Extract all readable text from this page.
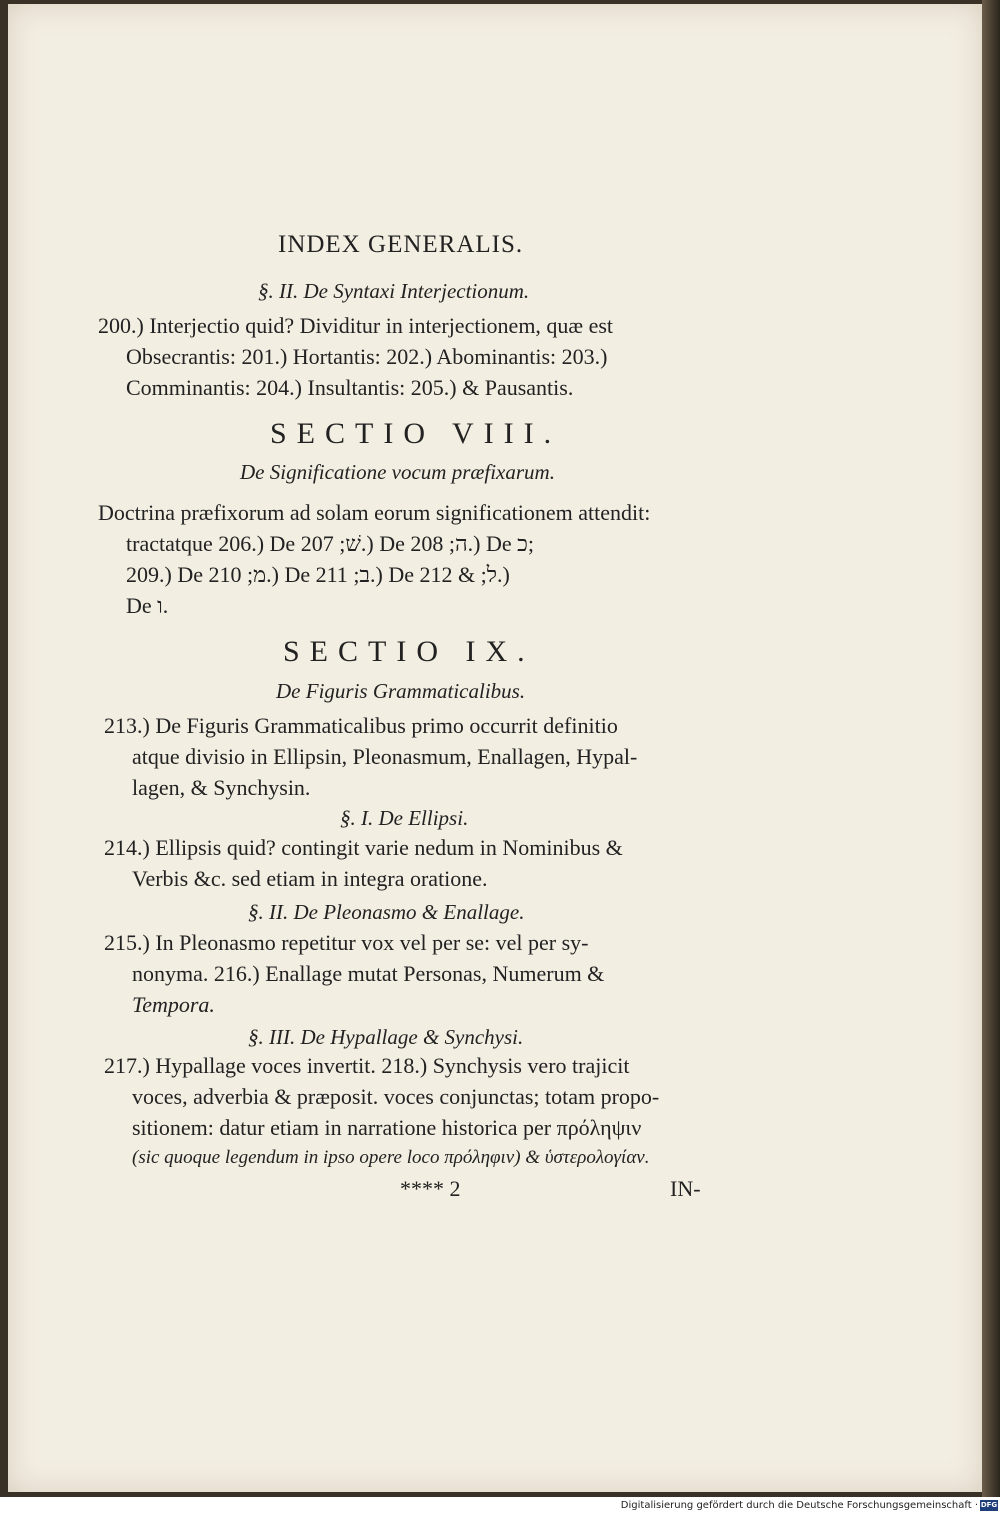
INDEX GENERALIS.
§. II. De Syntaxi Interjectionum.
200.) Interjectio quid? Dividitur in interjectionem, quæ est
Obsecrantis: 201.) Hortantis: 202.) Abominantis: 203.)
Comminantis: 204.) Insultantis: 205.) & Pausantis.
SECTIO VIII.
De Significatione vocum præfixarum.
Doctrina præfixorum ad solam eorum significationem attendit:
tractatque 206.) De שׁ; 207.) De ה; 208.) De כ;
209.) De מ; 210.) De ב; 211.) De ל; & 212.)
De ו.
SECTIO IX.
De Figuris Grammaticalibus.
213.) De Figuris Grammaticalibus primo occurrit definitio
atque divisio in Ellipsin, Pleonasmum, Enallagen, Hypal-
lagen, & Synchysin.
§. I. De Ellipsi.
214.) Ellipsis quid? contingit varie nedum in Nominibus &
Verbis &c. sed etiam in integra oratione.
§. II. De Pleonasmo & Enallage.
215.) In Pleonasmo repetitur vox vel per se: vel per sy-
nonyma. 216.) Enallage mutat Personas, Numerum &
Tempora.
§. III. De Hypallage & Synchysi.
217.) Hypallage voces invertit. 218.) Synchysis vero trajicit
voces, adverbia & præposit. voces conjunctas; totam propo-
sitionem: datur etiam in narratione historica per πρόληψιν
(sic quoque legendum in ipso opere loco πρόληφιν) & ὑστερολογίαν.
**** 2	IN-
Digitalisierung gefördert durch die Deutsche Forschungsgemeinschaft · DFG
